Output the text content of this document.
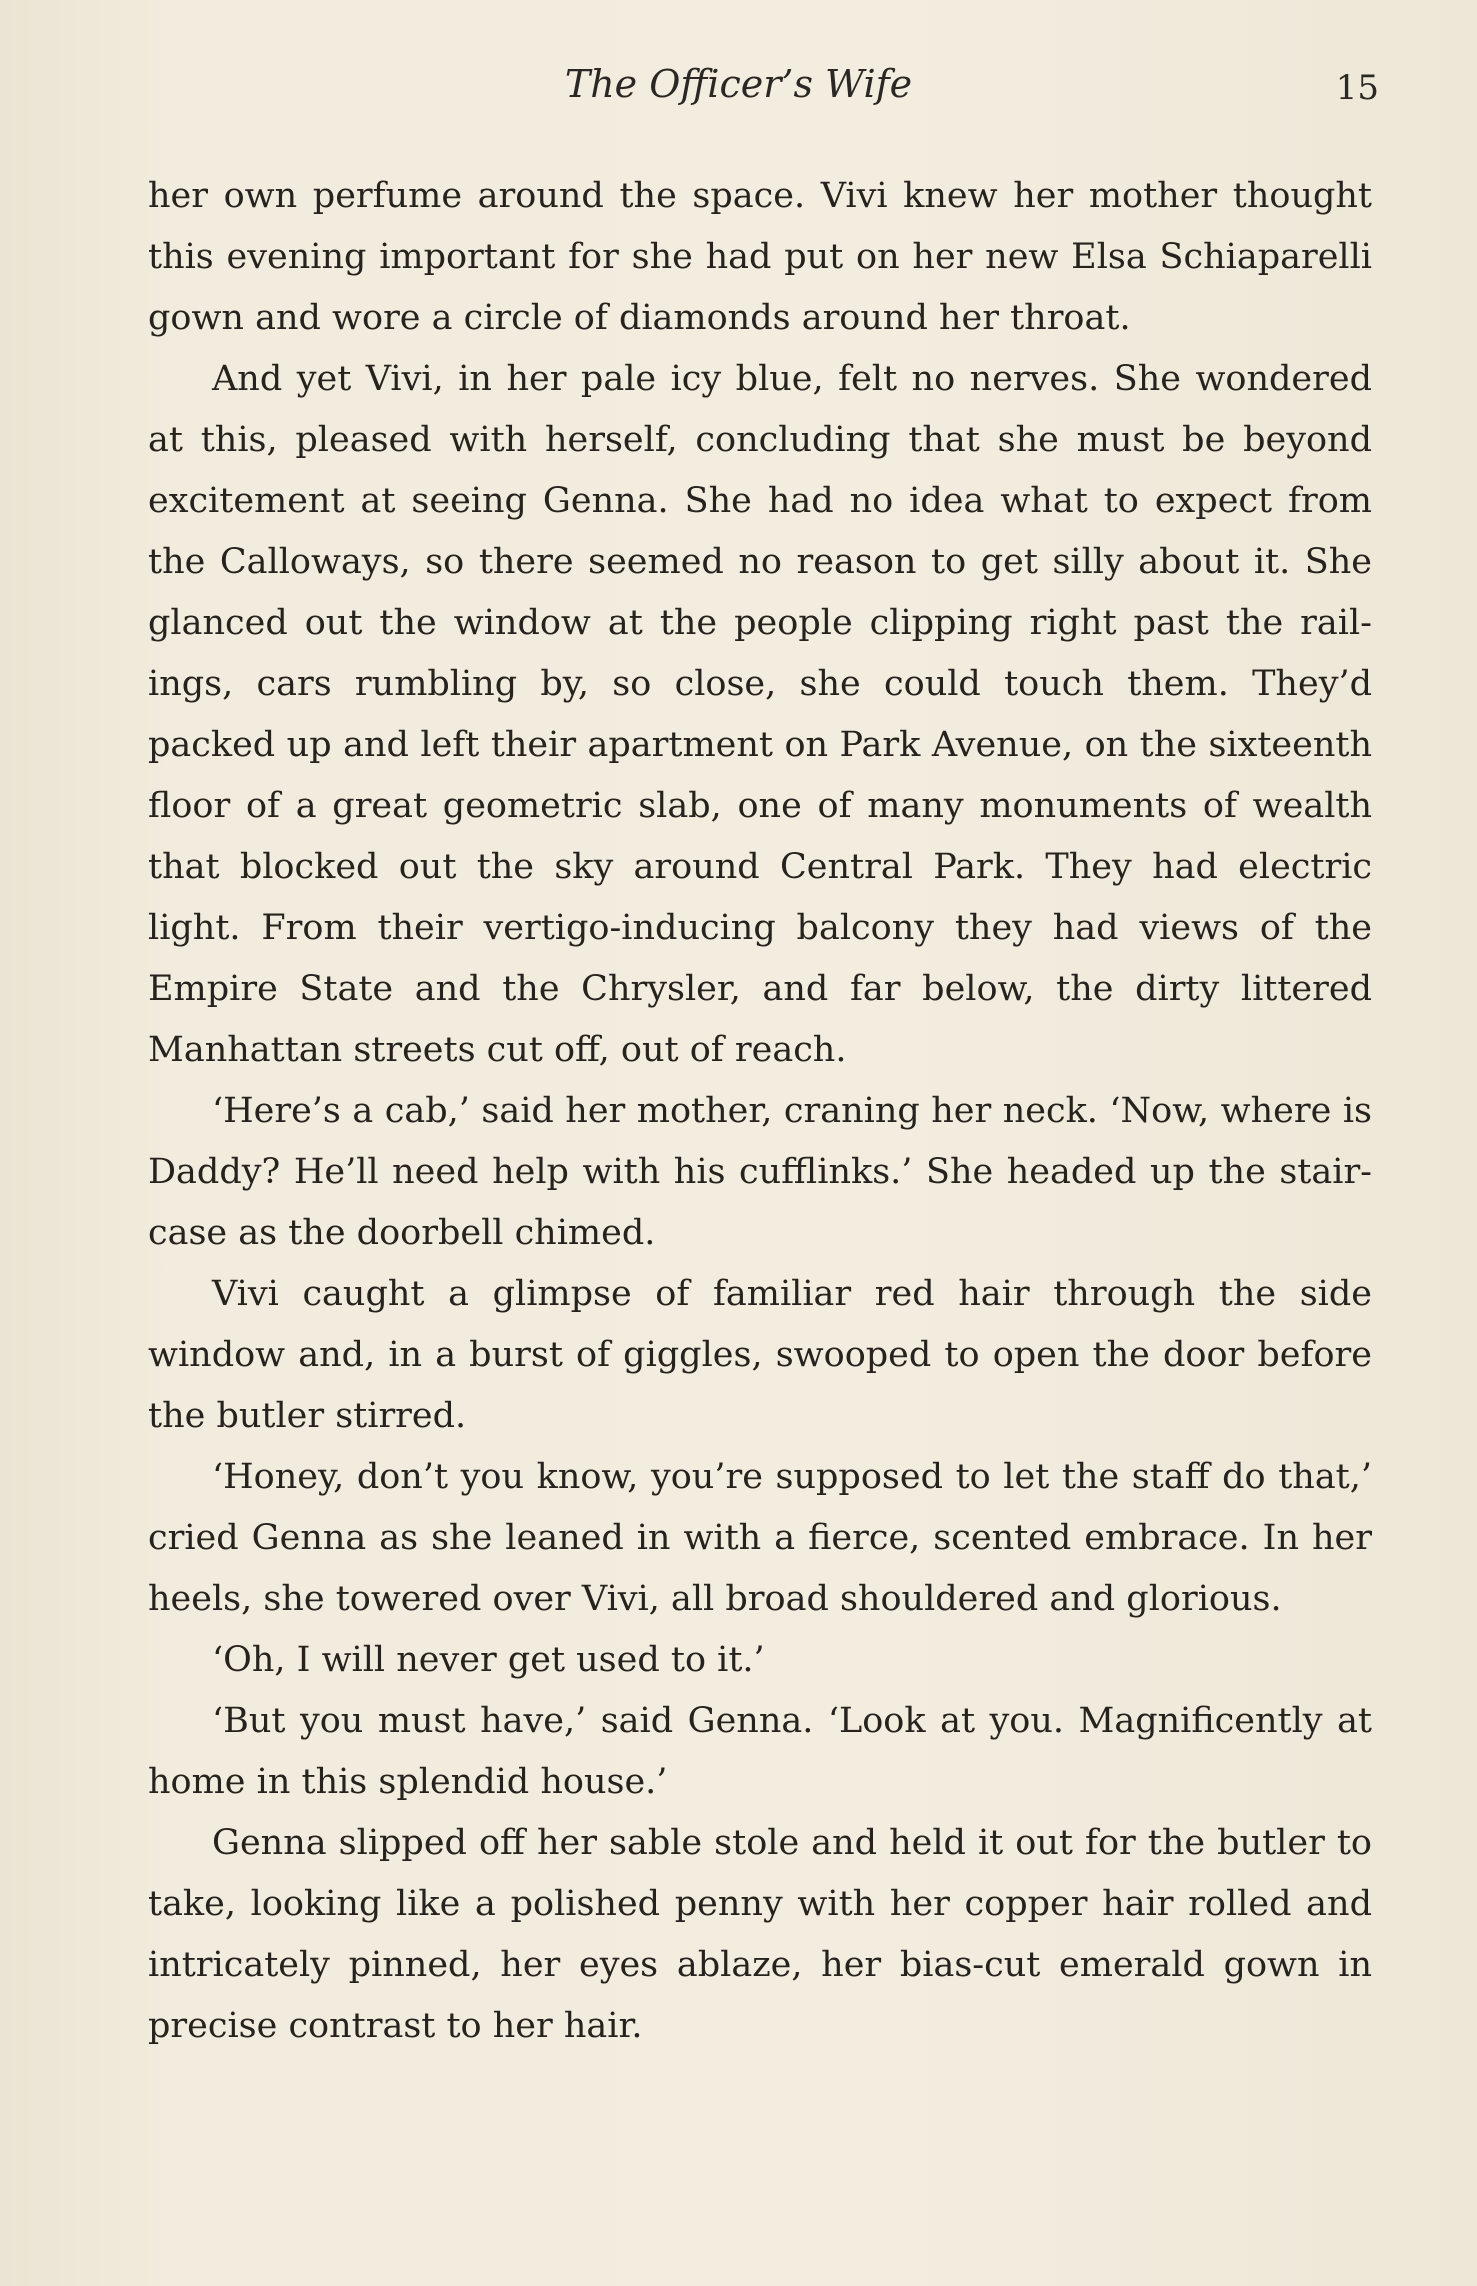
The Officer’s Wife	15

her own perfume around the space. Vivi knew her mother thought this evening important for she had put on her new Elsa Schiaparelli gown and wore a circle of diamonds around her throat.

And yet Vivi, in her pale icy blue, felt no nerves. She wondered at this, pleased with herself, concluding that she must be beyond excitement at seeing Genna. She had no idea what to expect from the Calloways, so there seemed no reason to get silly about it. She glanced out the window at the people clipping right past the railings, cars rumbling by, so close, she could touch them. They’d packed up and left their apartment on Park Avenue, on the sixteenth floor of a great geometric slab, one of many monuments of wealth that blocked out the sky around Central Park. They had electric light. From their vertigo-inducing balcony they had views of the Empire State and the Chrysler, and far below, the dirty littered Manhattan streets cut off, out of reach.

‘Here’s a cab,’ said her mother, craning her neck. ‘Now, where is Daddy? He’ll need help with his cufflinks.’ She headed up the staircase as the doorbell chimed.

Vivi caught a glimpse of familiar red hair through the side window and, in a burst of giggles, swooped to open the door before the butler stirred.

‘Honey, don’t you know, you’re supposed to let the staff do that,’ cried Genna as she leaned in with a fierce, scented embrace. In her heels, she towered over Vivi, all broad shouldered and glorious.

‘Oh, I will never get used to it.’

‘But you must have,’ said Genna. ‘Look at you. Magnificently at home in this splendid house.’

Genna slipped off her sable stole and held it out for the butler to take, looking like a polished penny with her copper hair rolled and intricately pinned, her eyes ablaze, her bias-cut emerald gown in precise contrast to her hair.
